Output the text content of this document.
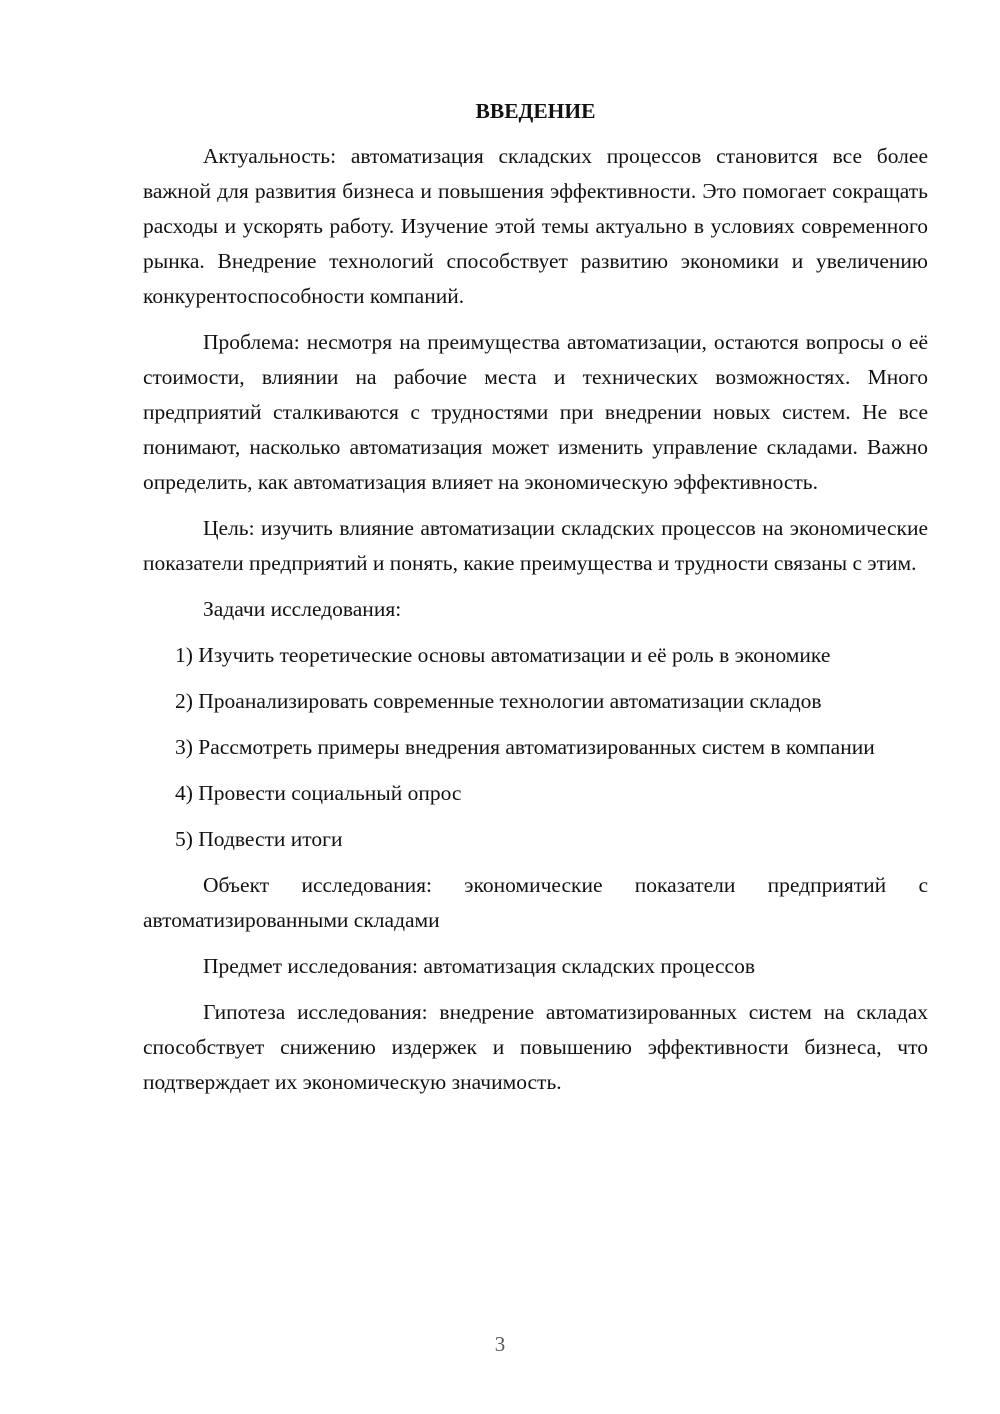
ВВЕДЕНИЕ

Актуальность: автоматизация складских процессов становится все более важной для развития бизнеса и повышения эффективности. Это помогает сокращать расходы и ускорять работу. Изучение этой темы актуально в условиях современного рынка. Внедрение технологий способствует развитию экономики и увеличению конкурентоспособности компаний.

Проблема: несмотря на преимущества автоматизации, остаются вопросы о её стоимости, влиянии на рабочие места и технических возможностях. Много предприятий сталкиваются с трудностями при внедрении новых систем. Не все понимают, насколько автоматизация может изменить управление складами. Важно определить, как автоматизация влияет на экономическую эффективность.

Цель: изучить влияние автоматизации складских процессов на экономические показатели предприятий и понять, какие преимущества и трудности связаны с этим.

Задачи исследования:

1) Изучить теоретические основы автоматизации и её роль в экономике

2) Проанализировать современные технологии автоматизации складов

3) Рассмотреть примеры внедрения автоматизированных систем в компании

4) Провести социальный опрос

5) Подвести итоги

Объект исследования: экономические показатели предприятий с автоматизированными складами

Предмет исследования: автоматизация складских процессов

Гипотеза исследования: внедрение автоматизированных систем на складах способствует снижению издержек и повышению эффективности бизнеса, что подтверждает их экономическую значимость.

3
